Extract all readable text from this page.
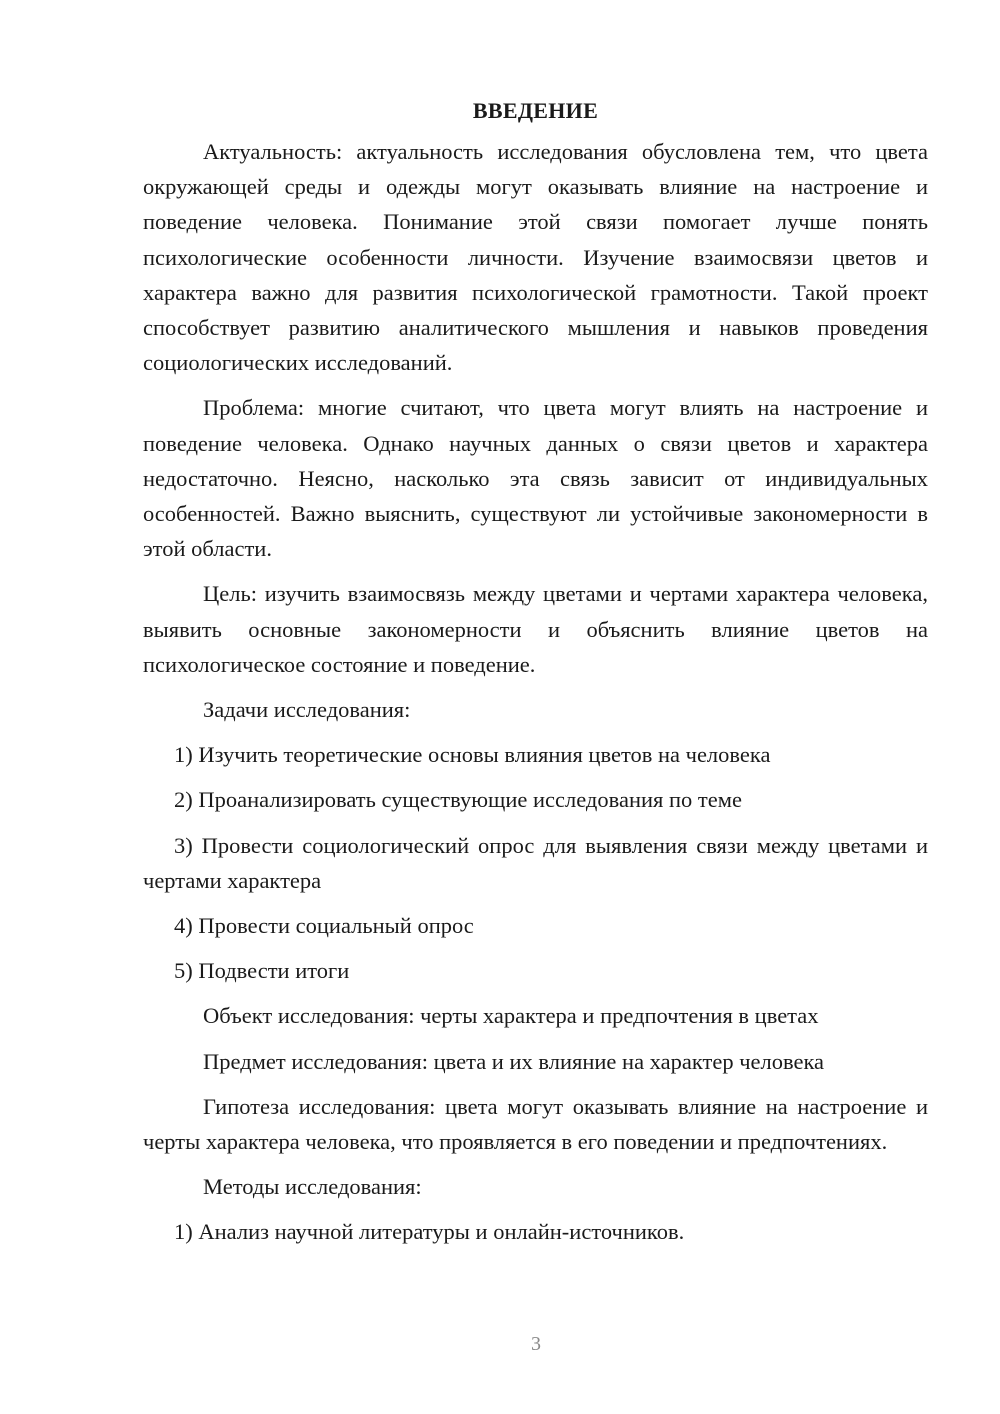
ВВЕДЕНИЕ

Актуальность: актуальность исследования обусловлена тем, что цвета окружающей среды и одежды могут оказывать влияние на настроение и поведение человека. Понимание этой связи помогает лучше понять психологические особенности личности. Изучение взаимосвязи цветов и характера важно для развития психологической грамотности. Такой проект способствует развитию аналитического мышления и навыков проведения социологических исследований.

Проблема: многие считают, что цвета могут влиять на настроение и поведение человека. Однако научных данных о связи цветов и характера недостаточно. Неясно, насколько эта связь зависит от индивидуальных особенностей. Важно выяснить, существуют ли устойчивые закономерности в этой области.

Цель: изучить взаимосвязь между цветами и чертами характера человека, выявить основные закономерности и объяснить влияние цветов на психологическое состояние и поведение.

Задачи исследования:

1) Изучить теоретические основы влияния цветов на человека

2) Проанализировать существующие исследования по теме

3) Провести социологический опрос для выявления связи между цветами и чертами характера

4) Провести социальный опрос

5) Подвести итоги

Объект исследования: черты характера и предпочтения в цветах

Предмет исследования: цвета и их влияние на характер человека

Гипотеза исследования: цвета могут оказывать влияние на настроение и черты характера человека, что проявляется в его поведении и предпочтениях.

Методы исследования:

1) Анализ научной литературы и онлайн-источников.

3
